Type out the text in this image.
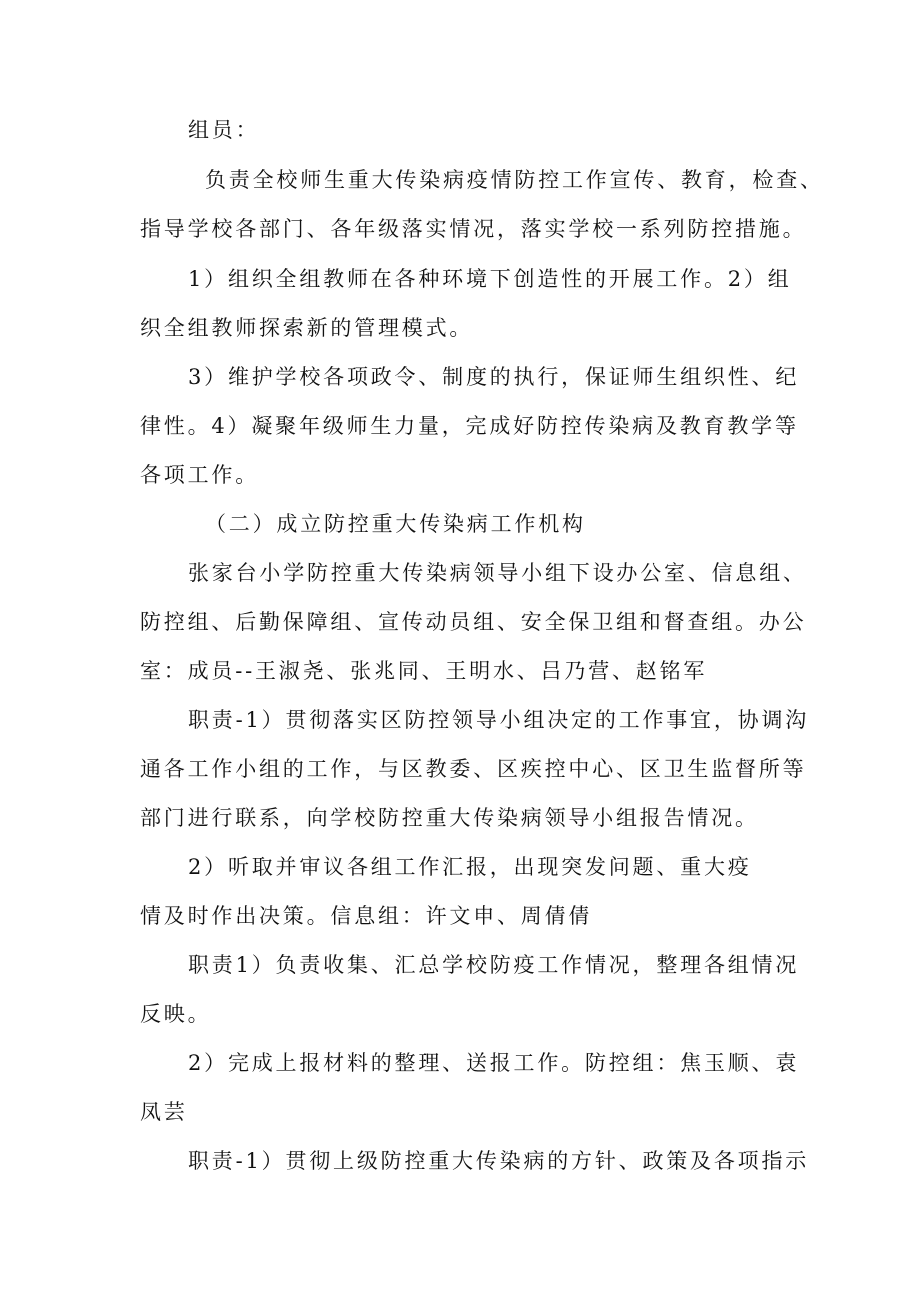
组员：
负责全校师生重大传染病疫情防控工作宣传、教育，检查、
指导学校各部门、各年级落实情况，落实学校一系列防控措施。
1）组织全组教师在各种环境下创造性的开展工作。2）组
织全组教师探索新的管理模式。
3）维护学校各项政令、制度的执行，保证师生组织性、纪
律性。4）凝聚年级师生力量，完成好防控传染病及教育教学等
各项工作。
（二）成立防控重大传染病工作机构
张家台小学防控重大传染病领导小组下设办公室、信息组、
防控组、后勤保障组、宣传动员组、安全保卫组和督查组。办公
室：成员--王淑尧、张兆同、王明水、吕乃营、赵铭军
职责-1）贯彻落实区防控领导小组决定的工作事宜，协调沟
通各工作小组的工作，与区教委、区疾控中心、区卫生监督所等
部门进行联系，向学校防控重大传染病领导小组报告情况。
2）听取并审议各组工作汇报，出现突发问题、重大疫
情及时作出决策。信息组：许文申、周倩倩
职责1）负责收集、汇总学校防疫工作情况，整理各组情况
反映。
2）完成上报材料的整理、送报工作。防控组：焦玉顺、袁
凤芸
职责-1）贯彻上级防控重大传染病的方针、政策及各项指示
